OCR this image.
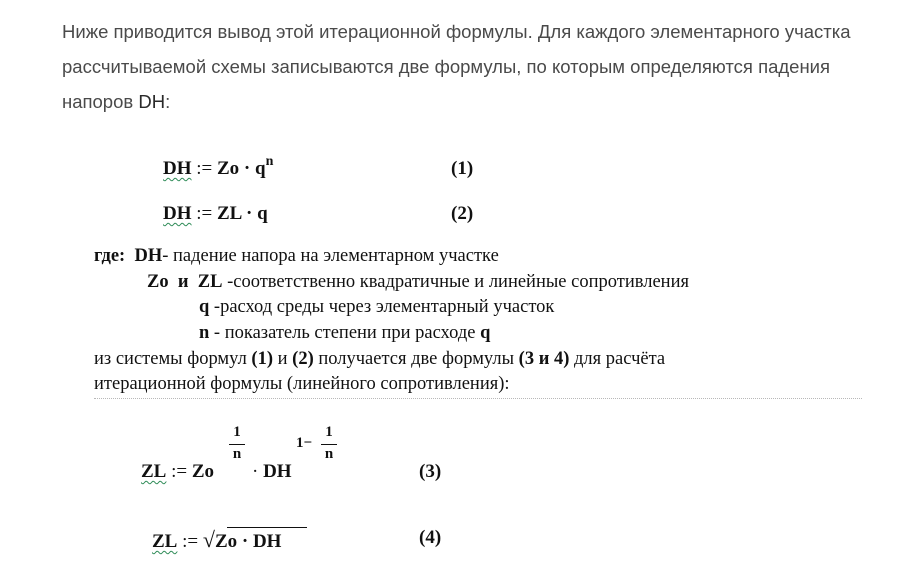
Ниже приводится вывод этой итерационной формулы. Для каждого элементарного участка рассчитываемой схемы записываются две формулы, по которым определяются падения напоров DH:

DH := $Zo \cdot q^n$	(1)
DH := ZL · q	(2)
где: DH- падение напора на элементарном участке
Zo и ZL -соответственно квадратичные и линейные сопротивления
q -расход среды через элементарный участок
n - показатель степени при расходе q
из системы формул (1) и (2) получается две формулы (3 и 4) для расчёта
итерационной формулы (линейного сопротивления):
ZL := Zo
1
n
· DH
1−
1
n
(3)
ZL := √Zo · DH	(4)
